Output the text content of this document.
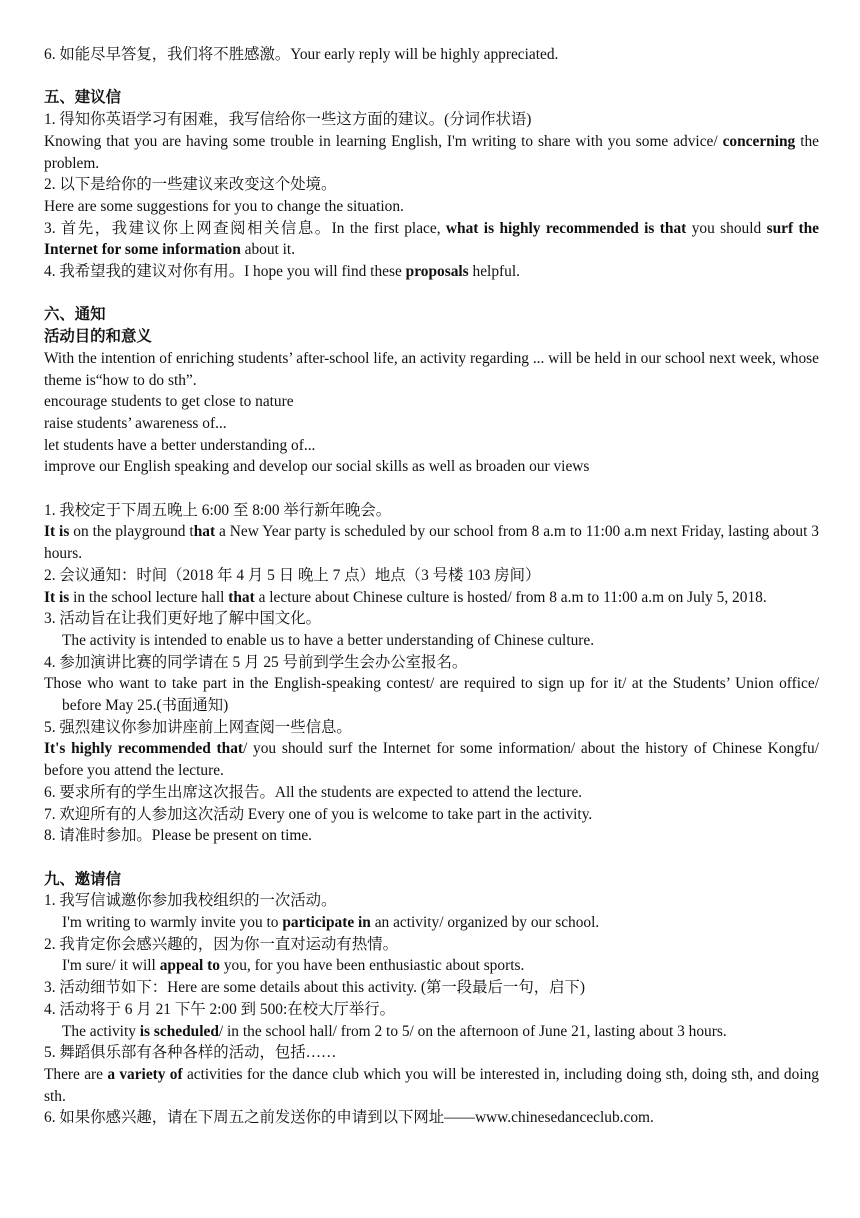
6. 如能尽早答复，我们将不胜感激。Your early reply will be highly appreciated.

五、建议信

1. 得知你英语学习有困难，我写信给你一些这方面的建议。(分词作状语)

Knowing that you are having some trouble in learning English, I'm writing to share with you some advice/ concerning the problem.

2. 以下是给你的一些建议来改变这个处境。

Here are some suggestions for you to change the situation.

3. 首先，我建议你上网查阅相关信息。In the first place, what is highly recommended is that you should surf the Internet for some information about it.

4. 我希望我的建议对你有用。I hope you will find these proposals helpful.

六、通知

活动目的和意义

With the intention of enriching students’ after-school life, an activity regarding ... will be held in our school next week, whose theme is“how to do sth”.

encourage students to get close to nature

raise students’ awareness of...

let students have a better understanding of...

improve our English speaking and develop our social skills as well as broaden our views

1. 我校定于下周五晚上 6:00 至 8:00 举行新年晚会。

It is on the playground that a New Year party is scheduled by our school from 8 a.m to 11:00 a.m next Friday, lasting about 3 hours.

2. 会议通知：时间（2018 年 4 月 5 日 晚上 7 点）地点（3 号楼 103 房间）

It is in the school lecture hall that a lecture about Chinese culture is hosted/ from 8 a.m to 11:00 a.m on July 5, 2018.

3. 活动旨在让我们更好地了解中国文化。

The activity is intended to enable us to have a better understanding of Chinese culture.

4. 参加演讲比赛的同学请在 5 月 25 号前到学生会办公室报名。

Those who want to take part in the English-speaking contest/ are required to sign up for it/ at the Students’ Union office/ before May 25.(书面通知)

5. 强烈建议你参加讲座前上网查阅一些信息。

It's highly recommended that/ you should surf the Internet for some information/ about the history of Chinese Kongfu/ before you attend the lecture.

6. 要求所有的学生出席这次报告。All the students are expected to attend the lecture.

7. 欢迎所有的人参加这次活动 Every one of you is welcome to take part in the activity.

8. 请准时参加。Please be present on time.

九、邀请信

1. 我写信诚邀你参加我校组织的一次活动。

I'm writing to warmly invite you to participate in an activity/ organized by our school.

2. 我肯定你会感兴趣的，因为你一直对运动有热情。

I'm sure/ it will appeal to you, for you have been enthusiastic about sports.

3. 活动细节如下：Here are some details about this activity. (第一段最后一句，启下)

4. 活动将于 6 月 21 下午 2:00 到 500:在校大厅举行。

The activity is scheduled/ in the school hall/ from 2 to 5/ on the afternoon of June 21, lasting about 3 hours.

5. 舞蹈俱乐部有各种各样的活动，包括……

There are a variety of activities for the dance club which you will be interested in, including doing sth, doing sth, and doing sth.

6. 如果你感兴趣，请在下周五之前发送你的申请到以下网址——www.chinesedanceclub.com.
